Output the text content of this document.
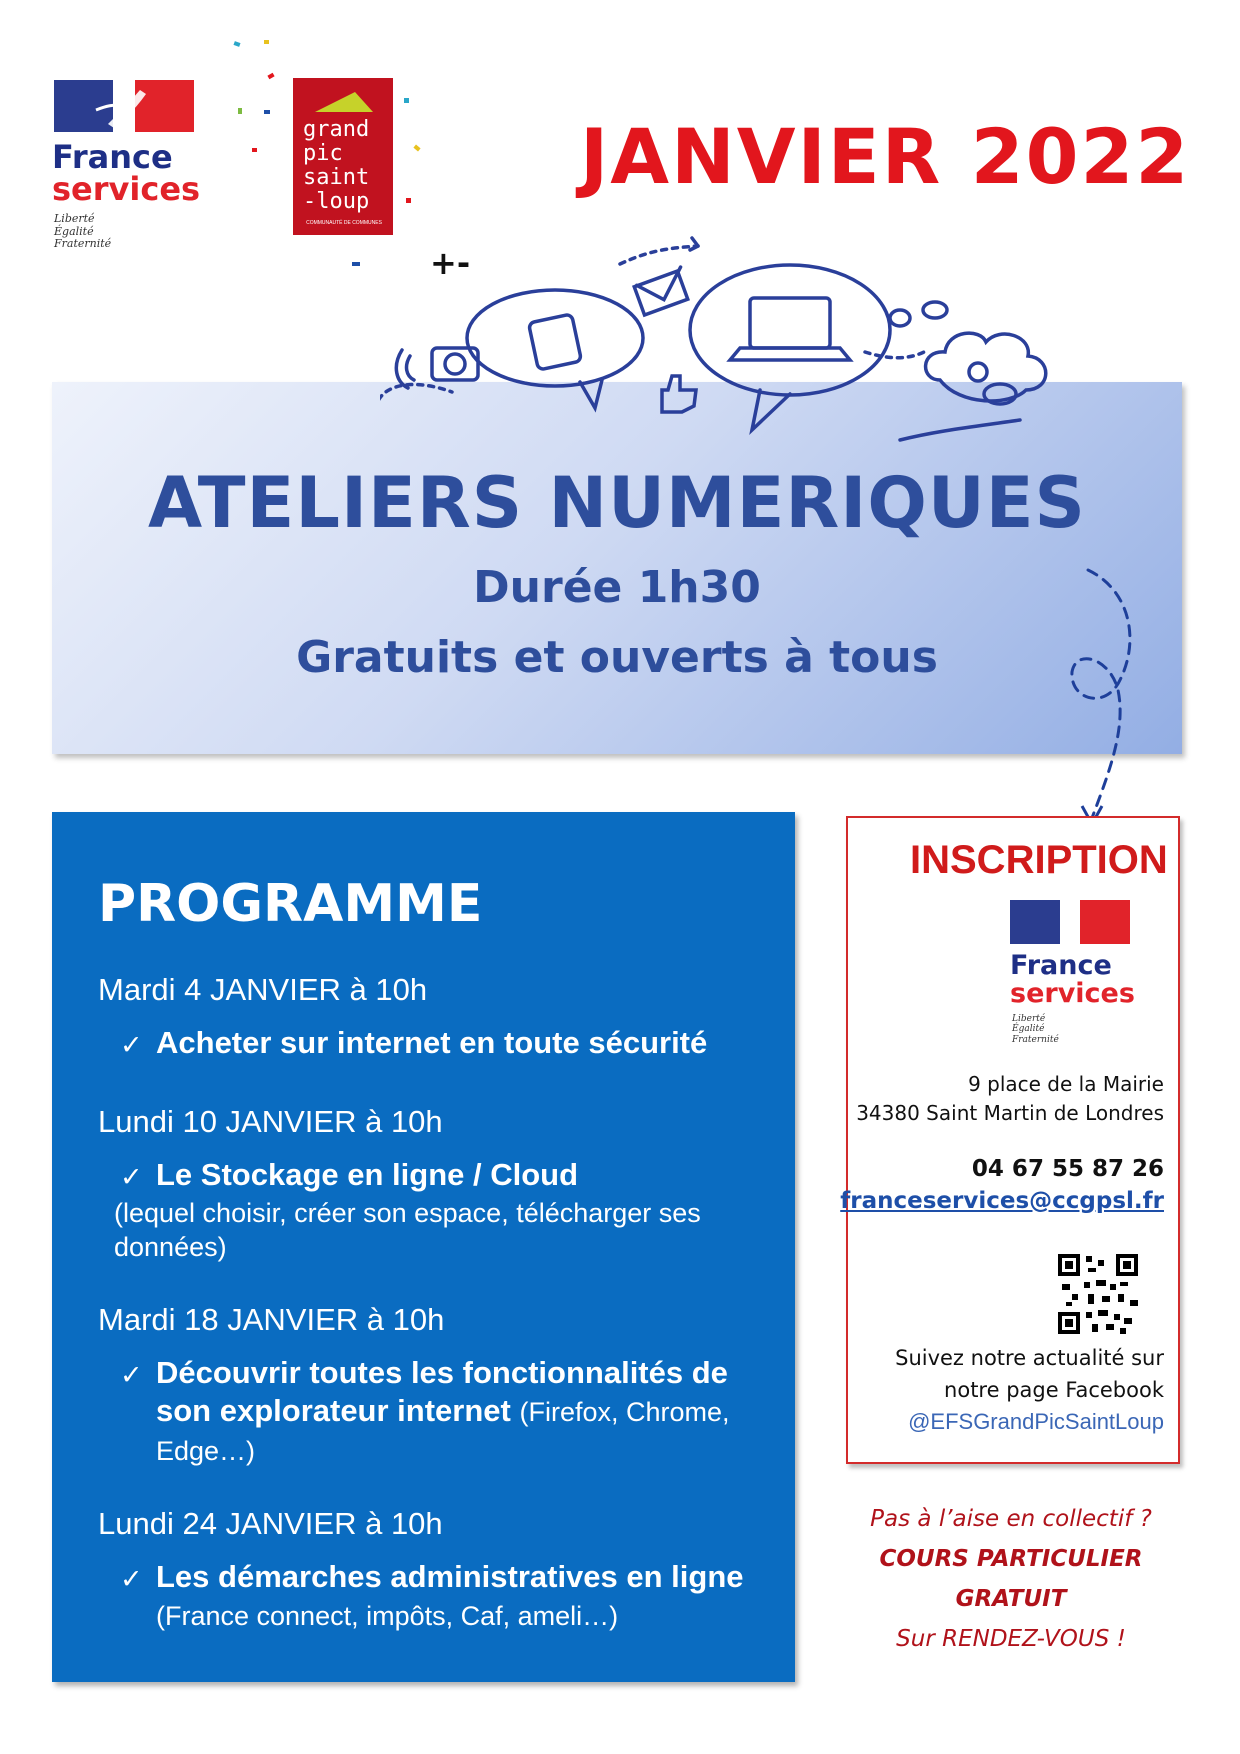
France
services
Liberté
Égalité
Fraternité
grand
pic
saint
-loup
COMMUNAUTÉ DE COMMUNES
JANVIER 2022
+-
ATELIERS NUMERIQUES
Durée 1h30
Gratuits et ouverts à tous
PROGRAMME
Mardi 4 JANVIER à 10h
✓ Acheter sur internet en toute sécurité
Lundi 10 JANVIER à 10h
✓ Le Stockage en ligne / Cloud
(lequel choisir, créer son espace, télécharger ses données)
Mardi 18 JANVIER à 10h
✓ Découvrir toutes les fonctionnalités de son explorateur internet (Firefox, Chrome, Edge…)
Lundi 24 JANVIER à 10h
✓ Les démarches administratives en ligne (France connect, impôts, Caf, ameli…)
INSCRIPTION
France
services
Liberté
Égalité
Fraternité
9 place de la Mairie
34380 Saint Martin de Londres
04 67 55 87 26
franceservices@ccgpsl.fr
Suivez notre actualité sur
notre page Facebook
@EFSGrandPicSaintLoup
Pas à l’aise en collectif ?
COURS PARTICULIER
GRATUIT
Sur RENDEZ-VOUS !
